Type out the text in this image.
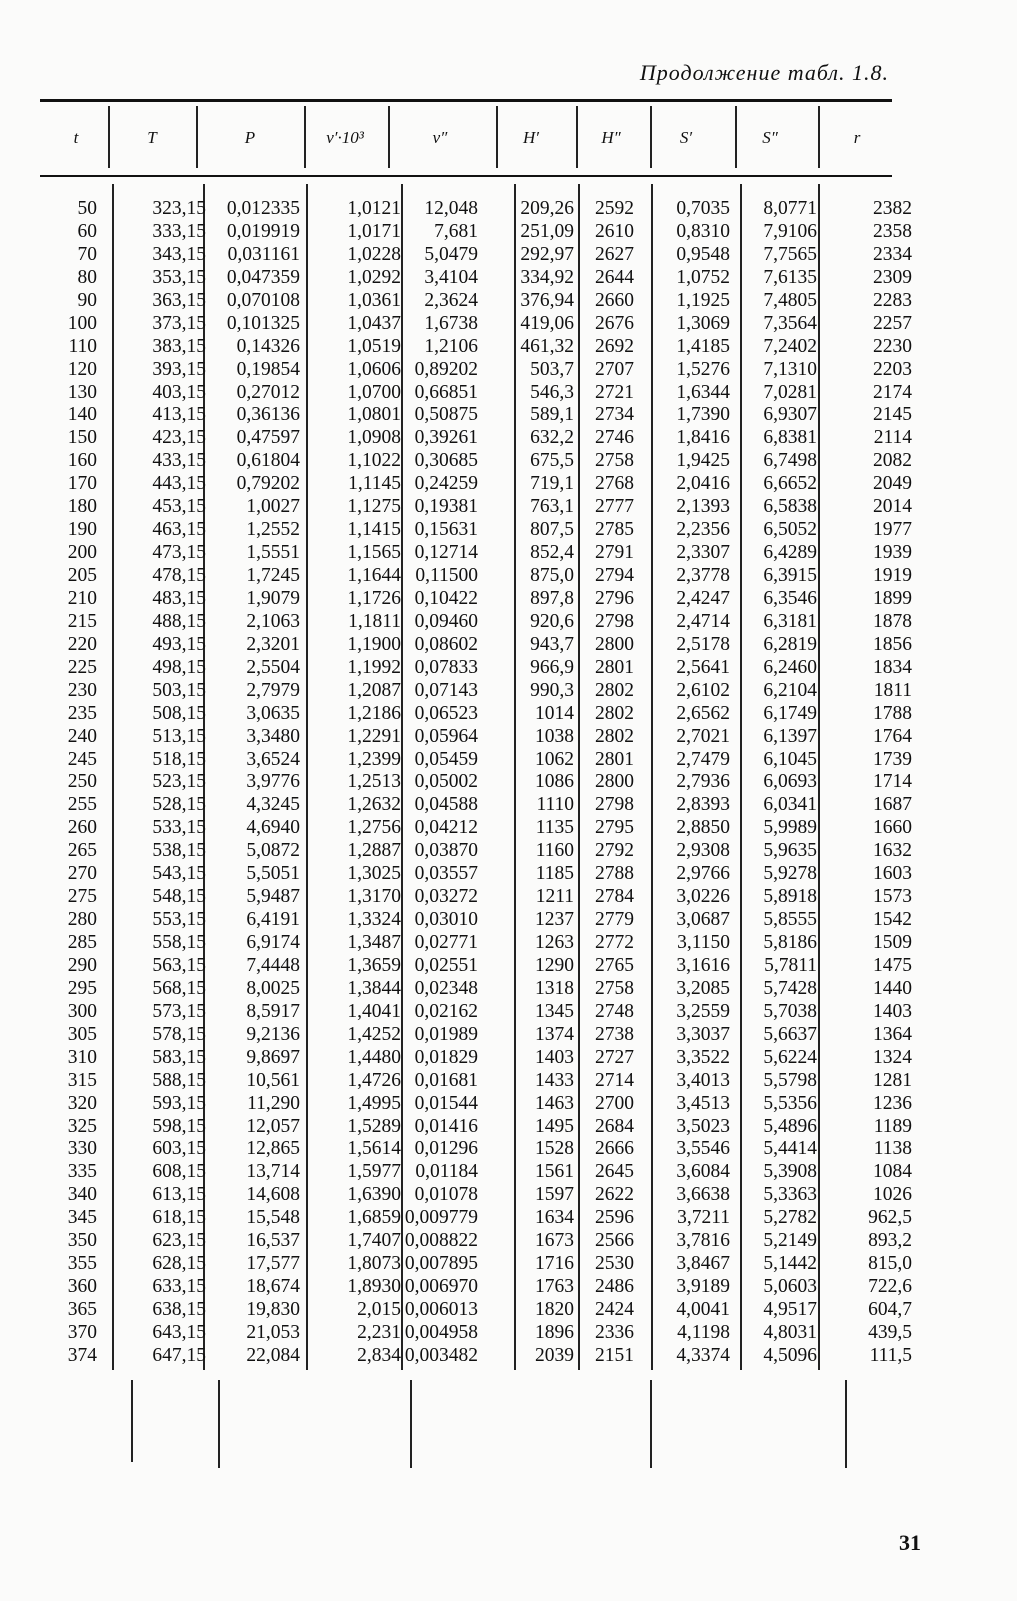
Продолжение табл. 1.8.
t
50
60
70
80
90
100
110
120
130
140
150
160
170
180
190
200
205
210
215
220
225
230
235
240
245
250
255
260
265
270
275
280
285
290
295
300
305
310
315
320
325
330
335
340
345
350
355
360
365
370
374
T
323,15
333,15
343,15
353,15
363,15
373,15
383,15
393,15
403,15
413,15
423,15
433,15
443,15
453,15
463,15
473,15
478,15
483,15
488,15
493,15
498,15
503,15
508,15
513,15
518,15
523,15
528,15
533,15
538,15
543,15
548,15
553,15
558,15
563,15
568,15
573,15
578,15
583,15
588,15
593,15
598,15
603,15
608,15
613,15
618,15
623,15
628,15
633,15
638,15
643,15
647,15
P
0,012335
0,019919
0,031161
0,047359
0,070108
0,101325
0,14326
0,19854
0,27012
0,36136
0,47597
0,61804
0,79202
1,0027
1,2552
1,5551
1,7245
1,9079
2,1063
2,3201
2,5504
2,7979
3,0635
3,3480
3,6524
3,9776
4,3245
4,6940
5,0872
5,5051
5,9487
6,4191
6,9174
7,4448
8,0025
8,5917
9,2136
9,8697
10,561
11,290
12,057
12,865
13,714
14,608
15,548
16,537
17,577
18,674
19,830
21,053
22,084
v′·10³
1,0121
1,0171
1,0228
1,0292
1,0361
1,0437
1,0519
1,0606
1,0700
1,0801
1,0908
1,1022
1,1145
1,1275
1,1415
1,1565
1,1644
1,1726
1,1811
1,1900
1,1992
1,2087
1,2186
1,2291
1,2399
1,2513
1,2632
1,2756
1,2887
1,3025
1,3170
1,3324
1,3487
1,3659
1,3844
1,4041
1,4252
1,4480
1,4726
1,4995
1,5289
1,5614
1,5977
1,6390
1,6859
1,7407
1,8073
1,8930
2,015
2,231
2,834
v″
12,048
7,681
5,0479
3,4104
2,3624
1,6738
1,2106
0,89202
0,66851
0,50875
0,39261
0,30685
0,24259
0,19381
0,15631
0,12714
0,11500
0,10422
0,09460
0,08602
0,07833
0,07143
0,06523
0,05964
0,05459
0,05002
0,04588
0,04212
0,03870
0,03557
0,03272
0,03010
0,02771
0,02551
0,02348
0,02162
0,01989
0,01829
0,01681
0,01544
0,01416
0,01296
0,01184
0,01078
0,009779
0,008822
0,007895
0,006970
0,006013
0,004958
0,003482
H′
209,26
251,09
292,97
334,92
376,94
419,06
461,32
503,7
546,3
589,1
632,2
675,5
719,1
763,1
807,5
852,4
875,0
897,8
920,6
943,7
966,9
990,3
1014
1038
1062
1086
1110
1135
1160
1185
1211
1237
1263
1290
1318
1345
1374
1403
1433
1463
1495
1528
1561
1597
1634
1673
1716
1763
1820
1896
2039
H″
2592
2610
2627
2644
2660
2676
2692
2707
2721
2734
2746
2758
2768
2777
2785
2791
2794
2796
2798
2800
2801
2802
2802
2802
2801
2800
2798
2795
2792
2788
2784
2779
2772
2765
2758
2748
2738
2727
2714
2700
2684
2666
2645
2622
2596
2566
2530
2486
2424
2336
2151
S′
0,7035
0,8310
0,9548
1,0752
1,1925
1,3069
1,4185
1,5276
1,6344
1,7390
1,8416
1,9425
2,0416
2,1393
2,2356
2,3307
2,3778
2,4247
2,4714
2,5178
2,5641
2,6102
2,6562
2,7021
2,7479
2,7936
2,8393
2,8850
2,9308
2,9766
3,0226
3,0687
3,1150
3,1616
3,2085
3,2559
3,3037
3,3522
3,4013
3,4513
3,5023
3,5546
3,6084
3,6638
3,7211
3,7816
3,8467
3,9189
4,0041
4,1198
4,3374
S″
8,0771
7,9106
7,7565
7,6135
7,4805
7,3564
7,2402
7,1310
7,0281
6,9307
6,8381
6,7498
6,6652
6,5838
6,5052
6,4289
6,3915
6,3546
6,3181
6,2819
6,2460
6,2104
6,1749
6,1397
6,1045
6,0693
6,0341
5,9989
5,9635
5,9278
5,8918
5,8555
5,8186
5,7811
5,7428
5,7038
5,6637
5,6224
5,5798
5,5356
5,4896
5,4414
5,3908
5,3363
5,2782
5,2149
5,1442
5,0603
4,9517
4,8031
4,5096
r
2382
2358
2334
2309
2283
2257
2230
2203
2174
2145
2114
2082
2049
2014
1977
1939
1919
1899
1878
1856
1834
1811
1788
1764
1739
1714
1687
1660
1632
1603
1573
1542
1509
1475
1440
1403
1364
1324
1281
1236
1189
1138
1084
1026
962,5
893,2
815,0
722,6
604,7
439,5
111,5
31
